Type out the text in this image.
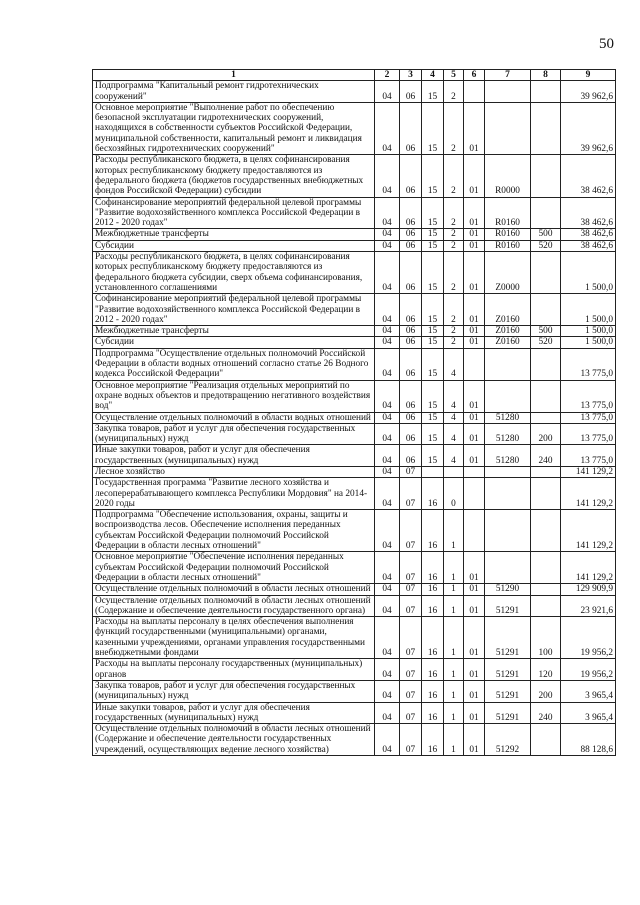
50
1	2	3	4	5	6	7	8	9
Подпрограмма "Капитальный ремонт гидротехнических сооружений"	04	06	15	2				39 962,6
Основное мероприятие "Выполнение работ по обеспечению безопасной эксплуатации гидротехнических сооружений, находящихся в собственности субъектов Российской Федерации, муниципальной собственности, капитальный ремонт и ликвидация бесхозяйных гидротехнических сооружений"	04	06	15	2	01			39 962,6
Расходы республиканского бюджета, в целях софинансирования которых республиканскому бюджету предоставляются из федерального бюджета (бюджетов государственных внебюджетных фондов Российской Федерации) субсидии	04	06	15	2	01	R0000		38 462,6
Софинансирование мероприятий федеральной целевой программы "Развитие водохозяйственного комплекса Российской Федерации в 2012 - 2020 годах"	04	06	15	2	01	R0160		38 462,6
Межбюджетные трансферты	04	06	15	2	01	R0160	500	38 462,6
Субсидии	04	06	15	2	01	R0160	520	38 462,6
Расходы республиканского бюджета, в целях софинансирования которых республиканскому бюджету предоставляются из федерального бюджета субсидии, сверх объема софинансирования, установленного соглашениями	04	06	15	2	01	Z0000		1 500,0
Софинансирование мероприятий федеральной целевой программы "Развитие водохозяйственного комплекса Российской Федерации в 2012 - 2020 годах"	04	06	15	2	01	Z0160		1 500,0
Межбюджетные трансферты	04	06	15	2	01	Z0160	500	1 500,0
Субсидии	04	06	15	2	01	Z0160	520	1 500,0
Подпрограмма "Осуществление отдельных полномочий Российской Федерации в области водных отношений согласно статье 26 Водного кодекса Российской Федерации"	04	06	15	4				13 775,0
Основное мероприятие "Реализация отдельных мероприятий по охране водных объектов и предотвращению негативного воздействия вод"	04	06	15	4	01			13 775,0
Осуществление отдельных полномочий в области водных отношений	04	06	15	4	01	51280		13 775,0
Закупка товаров, работ и услуг для обеспечения государственных (муниципальных) нужд	04	06	15	4	01	51280	200	13 775,0
Иные закупки товаров, работ и услуг для обеспечения государственных (муниципальных) нужд	04	06	15	4	01	51280	240	13 775,0
Лесное хозяйство	04	07						141 129,2
Государственная программа "Развитие лесного хозяйства и лесоперерабатывающего комплекса Республики Мордовия" на 2014-2020 годы	04	07	16	0				141 129,2
Подпрограмма "Обеспечение использования, охраны, защиты и воспроизводства лесов. Обеспечение исполнения переданных субъектам Российской Федерации полномочий Российской Федерации в области лесных отношений"	04	07	16	1				141 129,2
Основное мероприятие "Обеспечение исполнения переданных субъектам Российской Федерации полномочий Российской Федерации в области лесных отношений"	04	07	16	1	01			141 129,2
Осуществление отдельных полномочий в области лесных отношений	04	07	16	1	01	51290		129 909,9
Осуществление отдельных полномочий в области лесных отношений (Содержание и обеспечение деятельности государственного органа)	04	07	16	1	01	51291		23 921,6
Расходы на выплаты персоналу в целях обеспечения выполнения функций государственными (муниципальными) органами, казенными учреждениями, органами управления государственными внебюджетными фондами	04	07	16	1	01	51291	100	19 956,2
Расходы на выплаты персоналу государственных (муниципальных) органов	04	07	16	1	01	51291	120	19 956,2
Закупка товаров, работ и услуг для обеспечения государственных (муниципальных) нужд	04	07	16	1	01	51291	200	3 965,4
Иные закупки товаров, работ и услуг для обеспечения государственных (муниципальных) нужд	04	07	16	1	01	51291	240	3 965,4
Осуществление отдельных полномочий в области лесных отношений (Содержание и обеспечение деятельности государственных учреждений, осуществляющих ведение лесного хозяйства)	04	07	16	1	01	51292		88 128,6
